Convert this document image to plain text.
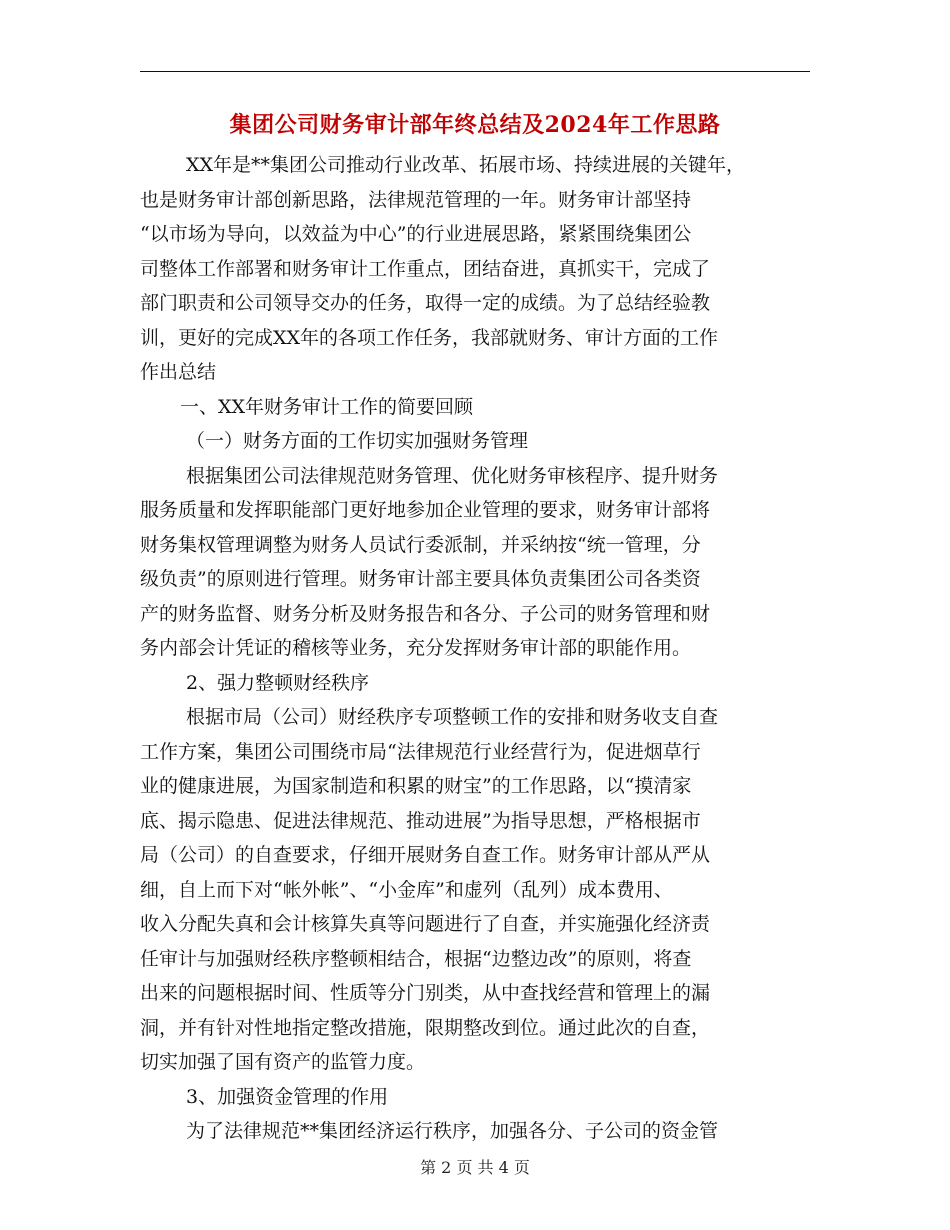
集团公司财务审计部年终总结及2024年工作思路
XX年是**集团公司推动行业改革、拓展市场、持续进展的关键年，
也是财务审计部创新思路，法律规范管理的一年。财务审计部坚持
“以市场为导向，以效益为中心”的行业进展思路，紧紧围绕集团公
司整体工作部署和财务审计工作重点，团结奋进，真抓实干，完成了
部门职责和公司领导交办的任务，取得一定的成绩。为了总结经验教
训，更好的完成XX年的各项工作任务，我部就财务、审计方面的工作
作出总结
一、XX年财务审计工作的简要回顾
（一）财务方面的工作切实加强财务管理
根据集团公司法律规范财务管理、优化财务审核程序、提升财务
服务质量和发挥职能部门更好地参加企业管理的要求，财务审计部将
财务集权管理调整为财务人员试行委派制，并采纳按“统一管理，分
级负责”的原则进行管理。财务审计部主要具体负责集团公司各类资
产的财务监督、财务分析及财务报告和各分、子公司的财务管理和财
务内部会计凭证的稽核等业务，充分发挥财务审计部的职能作用。
2、强力整顿财经秩序
根据市局（公司）财经秩序专项整顿工作的安排和财务收支自查
工作方案，集团公司围绕市局“法律规范行业经营行为，促进烟草行
业的健康进展，为国家制造和积累的财宝”的工作思路，以“摸清家
底、揭示隐患、促进法律规范、推动进展”为指导思想，严格根据市
局（公司）的自查要求，仔细开展财务自查工作。财务审计部从严从
细，自上而下对“帐外帐”、“小金库”和虚列（乱列）成本费用、
收入分配失真和会计核算失真等问题进行了自查，并实施强化经济责
任审计与加强财经秩序整顿相结合，根据“边整边改”的原则，将查
出来的问题根据时间、性质等分门别类，从中查找经营和管理上的漏
洞，并有针对性地指定整改措施，限期整改到位。通过此次的自查，
切实加强了国有资产的监管力度。
3、加强资金管理的作用
为了法律规范**集团经济运行秩序，加强各分、子公司的资金管
第 2 页 共 4 页
